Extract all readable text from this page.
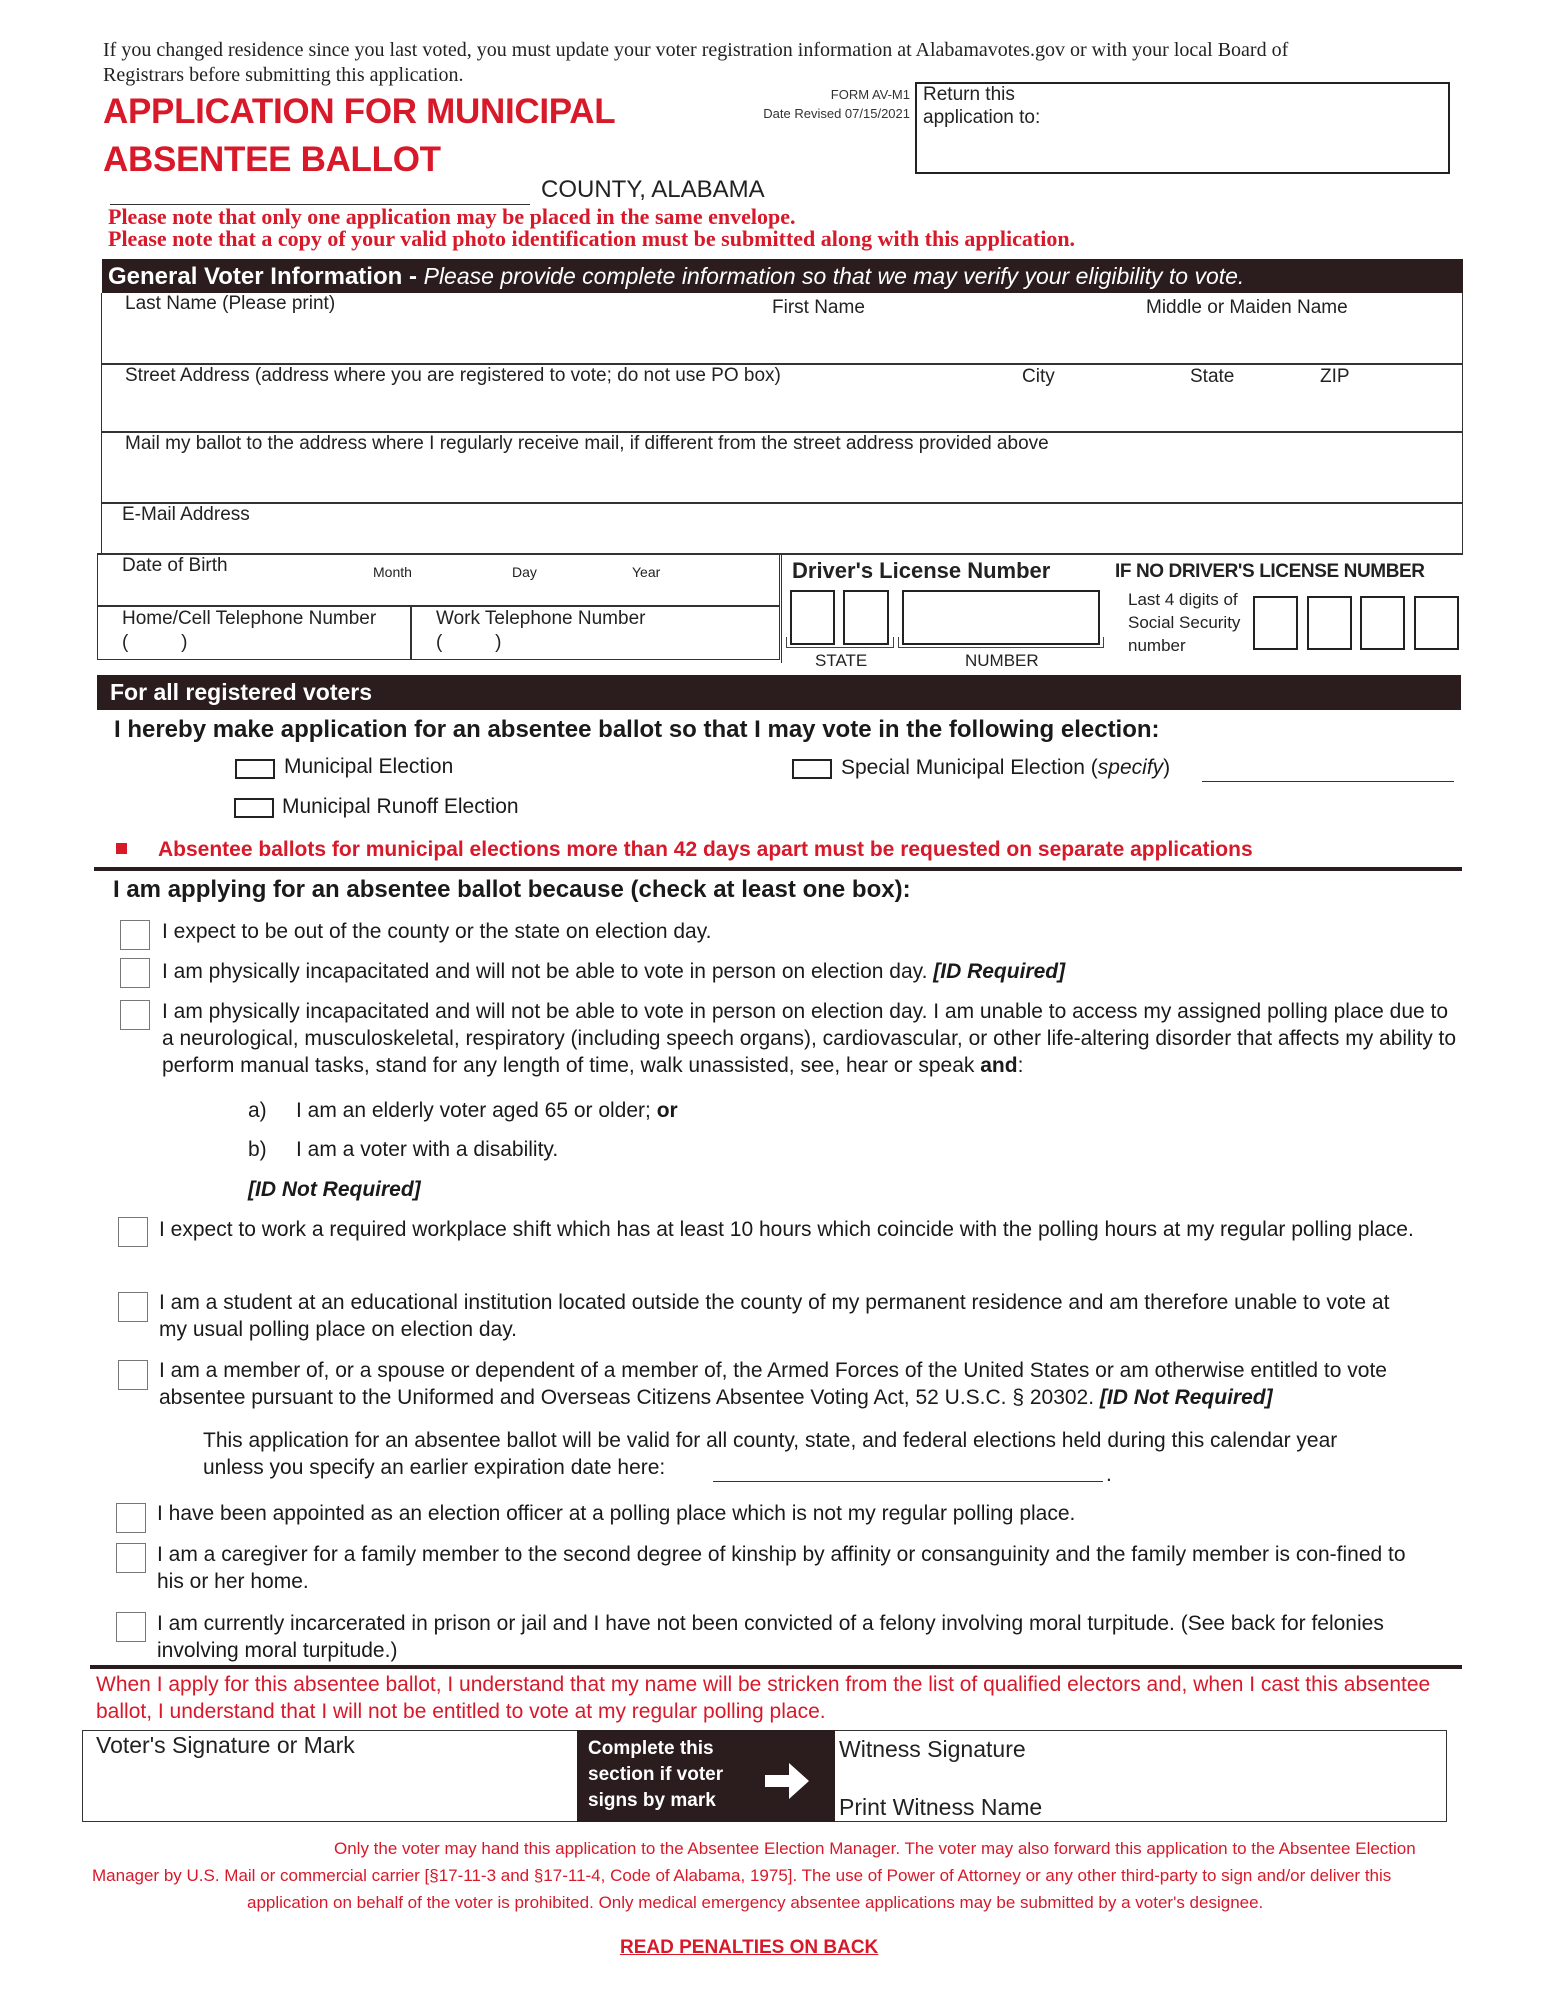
If you changed residence since you last voted, you must update your voter registration information at Alabamavotes.gov or with your local Board of
Registrars before submitting this application.
APPLICATION FOR MUNICIPAL
ABSENTEE BALLOT
FORM AV-M1
Date Revised 07/15/2021
Return this
application to:
COUNTY, ALABAMA
Please note that only one application may be placed in the same envelope.
Please note that a copy of your valid photo identification must be submitted along with this application.
General Voter Information - Please provide complete information so that we may verify your eligibility to vote.
Last Name (Please print)	First Name	Middle or Maiden Name
Street Address (address where you are registered to vote; do not use PO box)	City	State	ZIP
Mail my ballot to the address where I regularly receive mail, if different from the street address provided above
E-Mail Address
Date of Birth	Month	Day	Year
Home/Cell Telephone Number
(          )
Work Telephone Number
(          )
Driver's License Number
STATE	NUMBER
IF NO DRIVER'S LICENSE NUMBER
Last 4 digits of
Social Security
number
For all registered voters
I hereby make application for an absentee ballot so that I may vote in the following election:
Municipal Election
Municipal Runoff Election
Special Municipal Election (specify)
Absentee ballots for municipal elections more than 42 days apart must be requested on separate applications
I am applying for an absentee ballot because (check at least one box):
I expect to be out of the county or the state on election day.
I am physically incapacitated and will not be able to vote in person on election day. [ID Required]
I am physically incapacitated and will not be able to vote in person on election day. I am unable to access my assigned polling place due to a neurological, musculoskeletal, respiratory (including speech organs), cardiovascular, or other life-altering disorder that affects my ability to perform manual tasks, stand for any length of time, walk unassisted, see, hear or speak and:
a) I am an elderly voter aged 65 or older; or
b) I am a voter with a disability.
[ID Not Required]
I expect to work a required workplace shift which has at least 10 hours which coincide with the polling hours at my regular polling place.
I am a student at an educational institution located outside the county of my permanent residence and am therefore unable to vote at my usual polling place on election day.
I am a member of, or a spouse or dependent of a member of, the Armed Forces of the United States or am otherwise entitled to vote absentee pursuant to the Uniformed and Overseas Citizens Absentee Voting Act, 52 U.S.C. § 20302. [ID Not Required]
This application for an absentee ballot will be valid for all county, state, and federal elections held during this calendar year
unless you specify an earlier expiration date here:	.
I have been appointed as an election officer at a polling place which is not my regular polling place.
I am a caregiver for a family member to the second degree of kinship by affinity or consanguinity and the family member is con-fined to his or her home.
I am currently incarcerated in prison or jail and I have not been convicted of a felony involving moral turpitude. (See back for felonies involving moral turpitude.)
When I apply for this absentee ballot, I understand that my name will be stricken from the list of qualified electors and, when I cast this absentee ballot, I understand that I will not be entitled to vote at my regular polling place.
Voter's Signature or Mark	Complete this
section if voter
signs by mark
Witness Signature
Print Witness Name
Only the voter may hand this application to the Absentee Election Manager. The voter may also forward this application to the Absentee Election
Manager by U.S. Mail or commercial carrier [§17-11-3 and §17-11-4, Code of Alabama, 1975]. The use of Power of Attorney or any other third-party to sign and/or deliver this
application on behalf of the voter is prohibited. Only medical emergency absentee applications may be submitted by a voter's designee.
READ PENALTIES ON BACK
